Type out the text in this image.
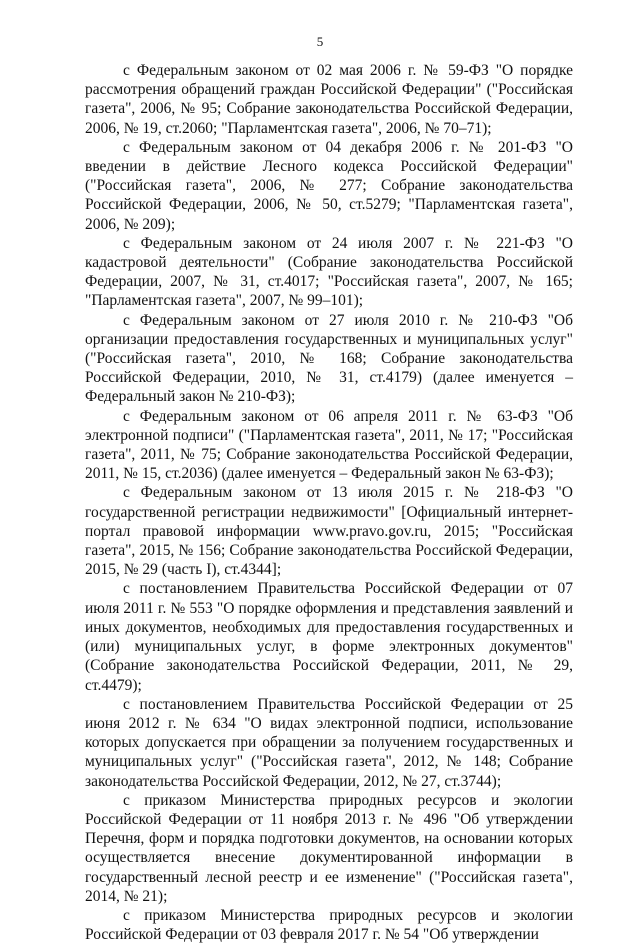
5

с Федеральным законом от 02 мая 2006 г. № 59-ФЗ "О порядке рассмотрения обращений граждан Российской Федерации" ("Российская газета", 2006, № 95; Собрание законодательства Российской Федерации, 2006, № 19, ст.2060; "Парламентская газета", 2006, № 70–71);

с Федеральным законом от 04 декабря 2006 г. № 201-ФЗ "О введении в действие Лесного кодекса Российской Федерации" ("Российская газета", 2006, № 277; Собрание законодательства Российской Федерации, 2006, № 50, ст.5279; "Парламентская газета", 2006, № 209);

с Федеральным законом от 24 июля 2007 г. № 221-ФЗ "О кадастровой деятельности" (Собрание законодательства Российской Федерации, 2007, № 31, ст.4017; "Российская газета", 2007, № 165; "Парламентская газета", 2007, № 99–101);

с Федеральным законом от 27 июля 2010 г. № 210-ФЗ "Об организации предоставления государственных и муниципальных услуг" ("Российская газета", 2010, № 168; Собрание законодательства Российской Федерации, 2010, № 31, ст.4179) (далее именуется – Федеральный закон № 210-ФЗ);

с Федеральным законом от 06 апреля 2011 г. № 63-ФЗ "Об электронной подписи" ("Парламентская газета", 2011, № 17; "Российская газета", 2011, № 75; Собрание законодательства Российской Федерации, 2011, № 15, ст.2036) (далее именуется – Федеральный закон № 63-ФЗ);

с Федеральным законом от 13 июля 2015 г. № 218-ФЗ "О государственной регистрации недвижимости" [Официальный интернет-портал правовой информации www.pravo.gov.ru, 2015; "Российская газета", 2015, № 156; Собрание законодательства Российской Федерации, 2015, № 29 (часть I), ст.4344];

с постановлением Правительства Российской Федерации от 07 июля 2011 г. № 553 "О порядке оформления и представления заявлений и иных документов, необходимых для предоставления государственных и (или) муниципальных услуг, в форме электронных документов" (Собрание законодательства Российской Федерации, 2011, № 29, ст.4479);

с постановлением Правительства Российской Федерации от 25 июня 2012 г. № 634 "О видах электронной подписи, использование которых допускается при обращении за получением государственных и муниципальных услуг" ("Российская газета", 2012, № 148; Собрание законодательства Российской Федерации, 2012, № 27, ст.3744);

с приказом Министерства природных ресурсов и экологии Российской Федерации от 11 ноября 2013 г. № 496 "Об утверждении Перечня, форм и порядка подготовки документов, на основании которых осуществляется внесение документированной информации в государственный лесной реестр и ее изменение" ("Российская газета", 2014, № 21);

с приказом Министерства природных ресурсов и экологии Российской Федерации от 03 февраля 2017 г. № 54 "Об утверждении
